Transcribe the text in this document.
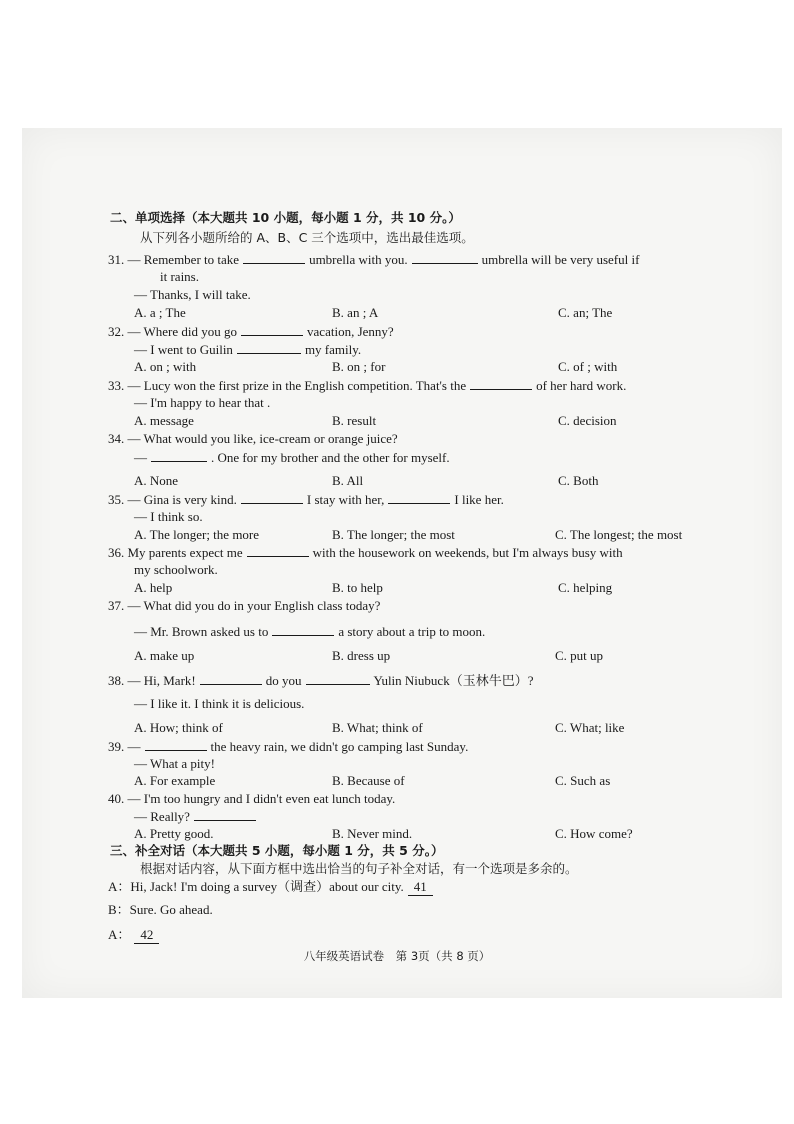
二、单项选择（本大题共 10 小题，每小题 1 分，共 10 分。）
从下列各小题所给的 A、B、C 三个选项中，选出最佳选项。
31. — Remember to take	umbrella with you.	umbrella will be very useful if
it rains.
— Thanks, I will take.
A. a ; The	B. an ; A	C. an; The
32. — Where did you go	vacation, Jenny?
— I went to Guilin	my family.
A. on ; with	B. on ; for	C. of ; with
33. — Lucy won the first prize in the English competition. That's the	of her hard work.
— I'm happy to hear that .
A. message	B. result	C. decision
34. — What would you like, ice-cream or orange juice?
—	. One for my brother and the other for myself.
A. None	B. All	C. Both
35. — Gina is very kind.	I stay with her,	I like her.
— I think so.
A. The longer; the more	B. The longer; the most	C. The longest; the most
36. My parents expect me	with the housework on weekends, but I'm always busy with
my schoolwork.
A. help	B. to help	C. helping
37. — What did you do in your English class today?
— Mr. Brown asked us to	a story about a trip to moon.
A. make up	B. dress up	C. put up
38. — Hi, Mark!	do you	Yulin Niubuck（玉林牛巴）?
— I like it. I think it is delicious.
A. How; think of	B. What; think of	C. What; like
39. —	the heavy rain, we didn't go camping last Sunday.
— What a pity!
A. For example	B. Because of	C. Such as
40. — I'm too hungry and I didn't even eat lunch today.
— Really?
A. Pretty good.	B. Never mind.	C. How come?
三、补全对话（本大题共 5 小题，每小题 1 分，共 5 分。）
根据对话内容，从下面方框中选出恰当的句子补全对话，有一个选项是多余的。
A：Hi, Jack! I'm doing a survey（调查）about our city. 41
B：Sure. Go ahead.
A： 42
八年级英语试卷　第 3页（共 8 页）
